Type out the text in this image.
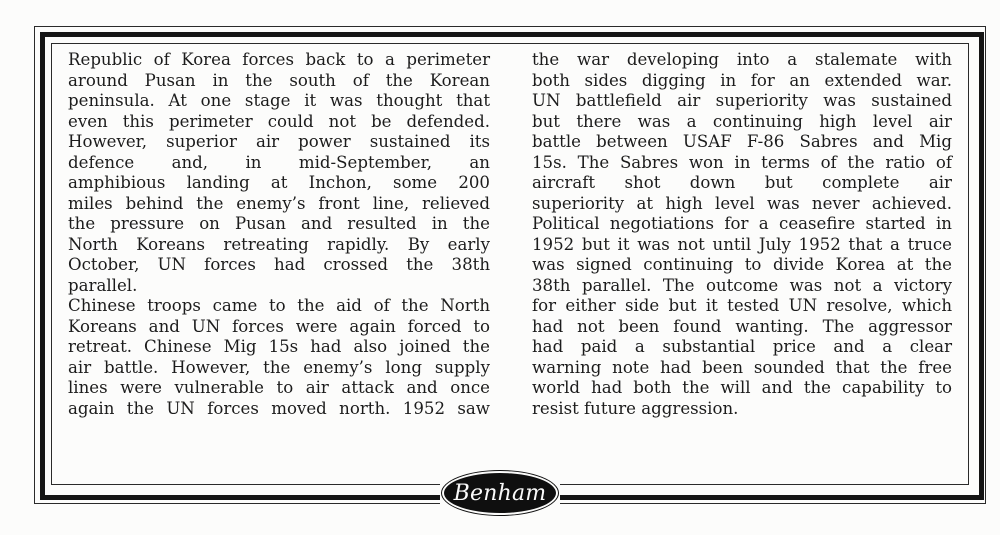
Republic of Korea forces back to a perimeter
around Pusan in the south of the Korean
peninsula. At one stage it was thought that
even this perimeter could not be defended.
However, superior air power sustained its
defence and, in mid-September, an
amphibious landing at Inchon, some 200
miles behind the enemy’s front line, relieved
the pressure on Pusan and resulted in the
North Koreans retreating rapidly. By early
October, UN forces had crossed the 38th
parallel.
Chinese troops came to the aid of the North
Koreans and UN forces were again forced to
retreat. Chinese Mig 15s had also joined the
air battle. However, the enemy’s long supply
lines were vulnerable to air attack and once
again the UN forces moved north. 1952 saw
the war developing into a stalemate with
both sides digging in for an extended war.
UN battlefield air superiority was sustained
but there was a continuing high level air
battle between USAF F-86 Sabres and Mig
15s. The Sabres won in terms of the ratio of
aircraft shot down but complete air
superiority at high level was never achieved.
Political negotiations for a ceasefire started in
1952 but it was not until July 1952 that a truce
was signed continuing to divide Korea at the
38th parallel. The outcome was not a victory
for either side but it tested UN resolve, which
had not been found wanting. The aggressor
had paid a substantial price and a clear
warning note had been sounded that the free
world had both the will and the capability to
resist future aggression.
Benham
